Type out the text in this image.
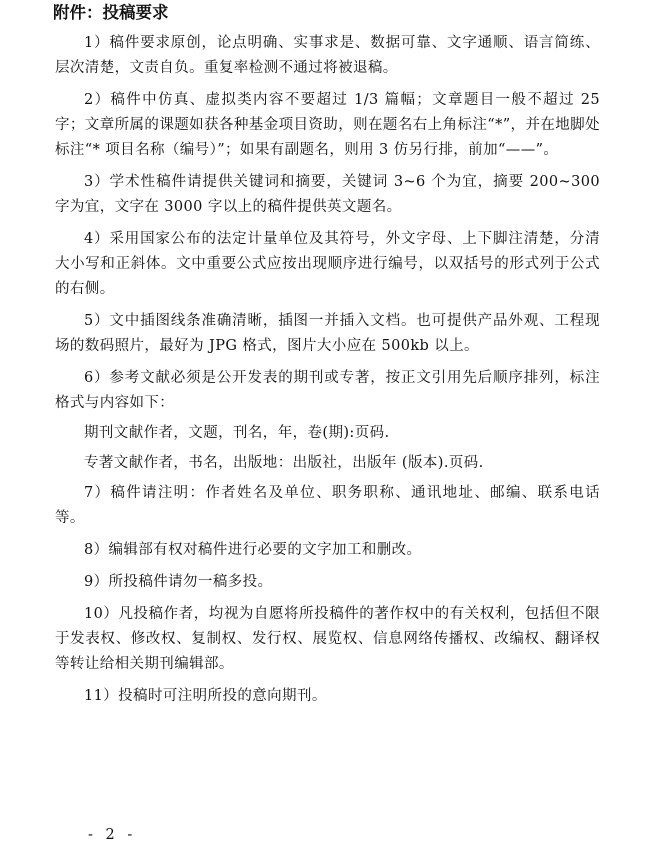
附件：投稿要求

1）稿件要求原创，论点明确、实事求是、数据可靠、文字通顺、语言简练、层次清楚，文责自负。重复率检测不通过将被退稿。

2）稿件中仿真、虚拟类内容不要超过 1/3 篇幅；文章题目一般不超过 25 字；文章所属的课题如获各种基金项目资助，则在题名右上角标注“*”，并在地脚处标注“* 项目名称（编号）”；如果有副题名，则用 3 仿另行排，前加“——”。

3）学术性稿件请提供关键词和摘要，关键词 3~6 个为宜，摘要 200~300 字为宜，文字在 3000 字以上的稿件提供英文题名。

4）采用国家公布的法定计量单位及其符号，外文字母、上下脚注清楚，分清大小写和正斜体。文中重要公式应按出现顺序进行编号，以双括号的形式列于公式的右侧。

5）文中插图线条准确清晰，插图一并插入文档。也可提供产品外观、工程现场的数码照片，最好为 JPG 格式，图片大小应在 500kb 以上。

6）参考文献必须是公开发表的期刊或专著，按正文引用先后顺序排列，标注格式与内容如下：

期刊文献作者，文题，刊名，年，卷(期):页码.

专著文献作者，书名，出版地：出版社，出版年 (版本).页码.

7）稿件请注明：作者姓名及单位、职务职称、通讯地址、邮编、联系电话等。

8）编辑部有权对稿件进行必要的文字加工和删改。

9）所投稿件请勿一稿多投。

10）凡投稿作者，均视为自愿将所投稿件的著作权中的有关权利，包括但不限于发表权、修改权、复制权、发行权、展览权、信息网络传播权、改编权、翻译权等转让给相关期刊编辑部。

11）投稿时可注明所投的意向期刊。

- 2 -
